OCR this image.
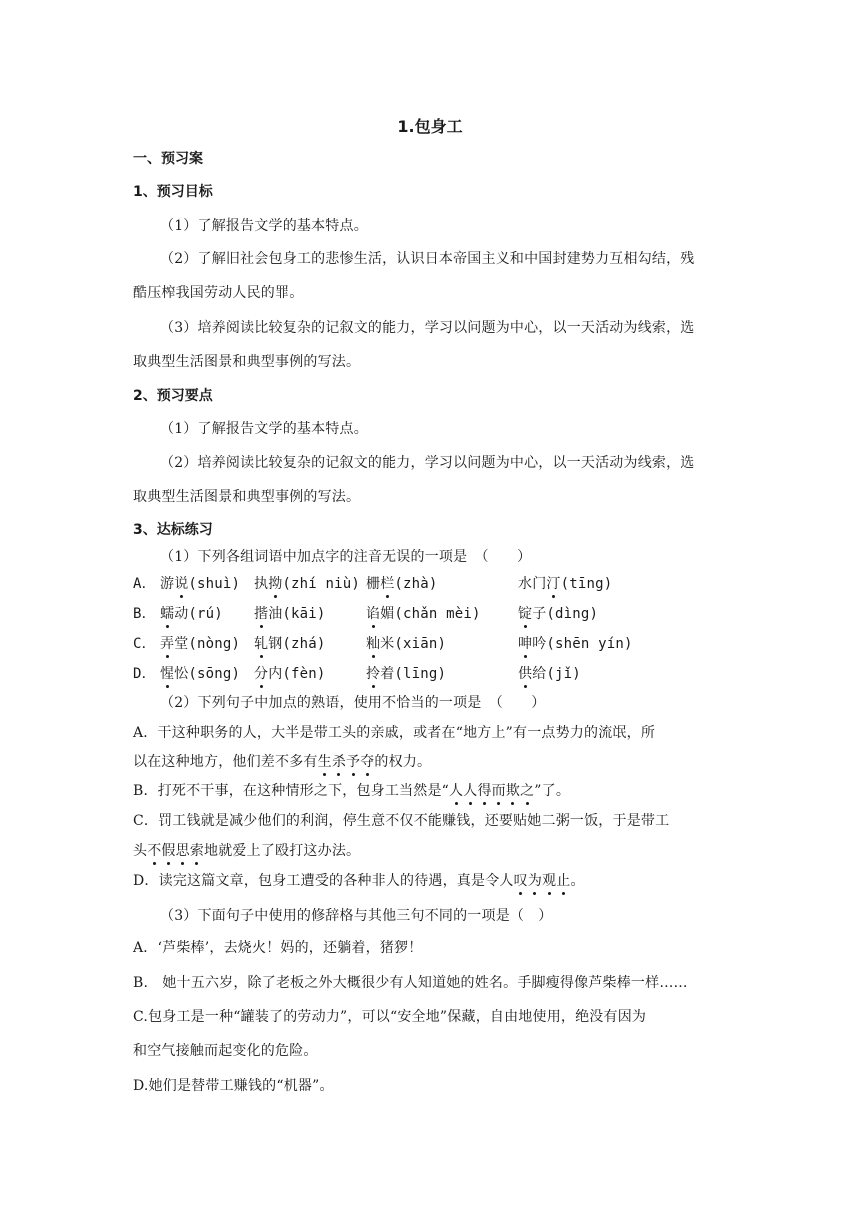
1.包身工
一、预习案
1、预习目标
（1）了解报告文学的基本特点。
（2）了解旧社会包身工的悲惨生活，认识日本帝国主义和中国封建势力互相勾结，残
酷压榨我国劳动人民的罪。
（3）培养阅读比较复杂的记叙文的能力，学习以问题为中心，以一天活动为线索，选
取典型生活图景和典型事例的写法。
2、预习要点
（1）了解报告文学的基本特点。
（2）培养阅读比较复杂的记叙文的能力，学习以问题为中心，以一天活动为线索，选
取典型生活图景和典型事例的写法。
3、达标练习
（1）下列各组词语中加点字的注音无误的一项是　（　　）
A． 游说(shuì) 执拗(zhí niù) 栅栏(zhà)	水门汀(tīng)
B． 蠕动(rú) 揩油(kāi)	谄媚(chǎn mèi)	锭子(dìng)
C． 弄堂(nòng) 轧钢(zhá)	籼米(xiān)	呻吟(shēn yín)
D． 惺忪(sōng) 分内(fèn)	拎着(līng)	供给(jǐ)
（2）下列句子中加点的熟语，使用不恰当的一项是　（　　）
A．干这种职务的人，大半是带工头的亲戚，或者在“地方上”有一点势力的流氓，所
以在这种地方，他们差不多有生杀予夺的权力。
B．打死不干事，在这种情形之下，包身工当然是“人人得而欺之”了。
C．罚工钱就是减少他们的利润，停生意不仅不能赚钱，还要贴她二粥一饭，于是带工
头不假思索地就爱上了殴打这办法。
D．读完这篇文章，包身工遭受的各种非人的待遇，真是令人叹为观止。
（3）下面句子中使用的修辞格与其他三句不同的一项是（　）
A．‘芦柴棒’，去烧火！妈的，还躺着，猪猡！
B.　她十五六岁，除了老板之外大概很少有人知道她的姓名。手脚瘦得像芦柴棒一样……
C.包身工是一种“罐装了的劳动力”，可以“安全地”保藏，自由地使用，绝没有因为
和空气接触而起变化的危险。
D.她们是替带工赚钱的“机器”。
